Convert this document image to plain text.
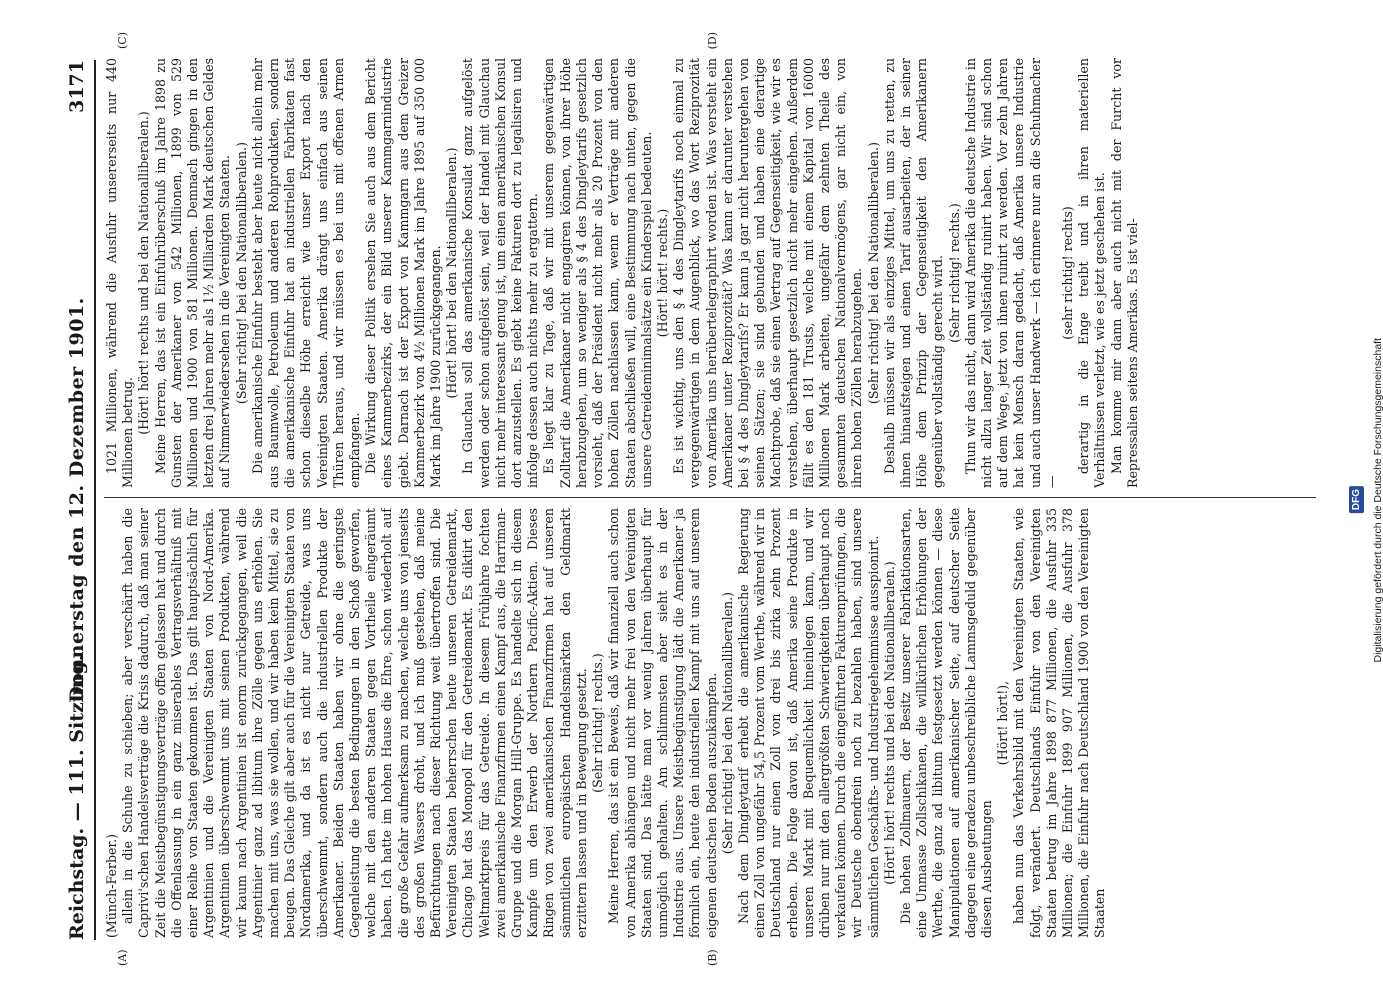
Reichstag. — 111. Sitzung.
Donnerstag den 12. Dezember 1901.
3171
(A)	(B)
(C)	(D)

(Münch-Ferber.) allein in die Schuhe zu schieben; aber verschärft haben die Caprivi'schen Handelsverträge die Krisis dadurch, daß man seiner Zeit die Meistbegünstigungsverträge offen gelassen hat und durch die Offenlassung in ein ganz miserables Vertragsverhältniß mit einer Reihe von Staaten gekommen ist. Das gilt hauptsächlich für Argentinien und die Vereinigten Staaten von Nord-Amerika. Argentinien überschwemmt uns mit seinen Produkten, während wir kaum nach Argentinien ist enorm zurückgegangen, weil die Argentinier ganz ad libitum ihre Zölle gegen uns erhöhen. Sie machen mit uns, was sie wollen, und wir haben kein Mittel, sie zu beugen. Das Gleiche gilt aber auch für die Vereinigten Staaten von Nordamerika, und da ist es nicht nur Getreide, was uns überschwemmt, sondern auch die industriellen Produkte der Amerikaner. Beiden Staaten haben wir ohne die geringste Gegenleistung die besten Bedingungen in den Schoß geworfen, welche mit den anderen Staaten gegen Vortheile eingeräumt haben. Ich hatte im hohen Hause die Ehre, schon wiederholt auf die große Gefahr aufmerksam zu machen, welche uns von jenseits des großen Wassers droht, und ich muß gestehen, daß meine Befürchtungen nach dieser Richtung weit übertroffen sind. Die Vereinigten Staaten beherrschen heute unseren Getreidemarkt, Chicago hat das Monopol für den Getreidemarkt. Es diktirt den Weltmarktpreis für das Getreide. In diesem Frühjahre fochten zwei amerikanische Finanzfirmen einen Kampf aus, die Harriman-Gruppe und die Morgan Hill-Gruppe. Es handelte sich in diesem Kampfe um den Erwerb der Northern Pacific-Aktien. Dieses Ringen von zwei amerikanischen Finanzfirmen hat auf unseren sämmtlichen europäischen Handelsmärkten den Geldmarkt erzittern lassen und in Bewegung gesetzt. (Sehr richtig! rechts.) Meine Herren, das ist ein Beweis, daß wir finanziell auch schon von Amerika abhängen und nicht mehr frei von den Vereinigten Staaten sind. Das hätte man vor wenig Jahren überhaupt für unmöglich gehalten. Am schlimmsten aber sieht es in der Industrie aus. Unsere Meistbegünstigung lädt die Amerikaner ja förmlich ein, heute den industriellen Kampf mit uns auf unserem eigenen deutschen Boden auszukämpfen. (Sehr richtig! bei den Nationalliberalen.) Nach dem Dingleytarif erhebt die amerikanische Regierung einen Zoll von ungefähr 54,5 Prozent vom Werthe, während wir in Deutschland nur einen Zoll von drei bis zirka zehn Prozent erheben. Die Folge davon ist, daß Amerika seine Produkte in unseren Markt mit Bequemlichkeit hineinlegen kann, und wir drüben nur mit den allergrößten Schwierigkeiten überhaupt noch verkaufen können. Durch die eingeführten Fakturenprüfungen, die wir Deutsche obendrein noch zu bezahlen haben, sind unsere sämmtlichen Geschäfts- und Industriegeheimnisse ausspionirt. (Hört! hört! rechts und bei den Nationalliberalen.) Die hohen Zollmauern, der Besitz unserer Fabrikationsarten, eine Unmasse Zollschikanen, die willkürlichen Erhöhungen der Werthe, die ganz ad libitum festgesetzt werden können — diese Manipulationen auf amerikanischer Seite, auf deutscher Seite dagegen eine geradezu unbeschreibliche Lammsgeduld gegenüber diesen Ausbeutungen

(Hört! hört!), haben nun das Verkehrsbild mit den Vereinigten Staaten, wie folgt, verändert. Deutschlands Einfuhr von den Vereinigten Staaten betrug im Jahre 1898 877 Millionen, die Ausfuhr 335 Millionen; die Einfuhr 1899 907 Millionen, die Ausfuhr 378 Millionen, die Einfuhr nach Deutschland 1900 von den Vereinigten Staaten

1021 Millionen, während die Ausfuhr unsererseits nur 440 Millionen betrug. (Hört! hört! rechts und bei den Nationalliberalen.) Meine Herren, das ist ein Einfuhrüberschuß im Jahre 1898 zu Gunsten der Amerikaner von 542 Millionen, 1899 von 529 Millionen und 1900 von 581 Millionen. Demnach gingen in den letzten drei Jahren mehr als 1½ Milliarden Mark deutschen Geldes auf Nimmerwiedersehen in die Vereinigten Staaten. (Sehr richtig! bei den Nationalliberalen.) Die amerikanische Einfuhr besteht aber heute nicht allein mehr aus Baumwolle, Petroleum und anderen Rohprodukten, sondern die amerikanische Einfuhr hat an industriellen Fabrikaten fast schon dieselbe Höhe erreicht wie unser Export nach den Vereinigten Staaten. Amerika drängt uns einfach aus seinen Thüren heraus, und wir müssen es bei uns mit offenen Armen empfangen. Die Wirkung dieser Politik ersehen Sie auch aus dem Bericht eines Kammerbezirks, der ein Bild unserer Kammgarnindustrie giebt. Darnach ist der Export von Kammgarn aus dem Greizer Kammerbezirk von 4½ Millionen Mark im Jahre 1895 auf 350 000 Mark im Jahre 1900 zurückgegangen. (Hört! hört! bei den Nationalliberalen.) In Glauchau soll das amerikanische Konsulat ganz aufgelöst werden oder schon aufgelöst sein, weil der Handel mit Glauchau nicht mehr interessant genug ist, um einen amerikanischen Konsul dort anzustellen. Es giebt keine Fakturen dort zu legalisiren und infolge dessen auch nichts mehr zu ergattern. Es liegt klar zu Tage, daß wir mit unserem gegenwärtigen Zolltarif die Amerikaner nicht engagiren können, von ihrer Höhe herabzugehen, um so weniger als § 4 des Dingleytarifs gesetzlich vorsieht, daß der Präsident nicht mehr als 20 Prozent von den hohen Zöllen nachlassen kann, wenn er Verträge mit anderen Staaten abschließen will, eine Bestimmung nach unten, gegen die unsere Getreideminimalsätze ein Kinderspiel bedeuten. (Hört! hört! rechts.) Es ist wichtig, uns den § 4 des Dingleytarifs noch einmal zu vergegenwärtigen in dem Augenblick, wo das Wort Reziprozität von Amerika uns herübertelegraphirt worden ist. Was versteht ein Amerikaner unter Reziprozität? Was kann er darunter verstehen bei § 4 des Dingleytarifs? Er kann ja gar nicht heruntergehen von seinen Sätzen; sie sind gebunden und haben eine derartige Machtprobe, daß sie einen Vertrag auf Gegenseitigkeit, wie wir es verstehen, überhaupt gesetzlich nicht mehr eingehen. Außerdem fällt es den 181 Trusts, welche mit einem Kapital von 16000 Millionen Mark arbeiten, ungefähr dem zehnten Theile des gesammten deutschen Nationalvermögens, gar nicht ein, von ihren hohen Zöllen herabzugehen. (Sehr richtig! bei den Nationalliberalen.) Deshalb müssen wir als einziges Mittel, um uns zu retten, zu ihnen hinaufsteigen und einen Tarif ausarbeiten, der in seiner Höhe dem Prinzip der Gegenseitigkeit den Amerikanern gegenüber vollständig gerecht wird. (Sehr richtig! rechts.) Thun wir das nicht, dann wird Amerika die deutsche Industrie in nicht allzu langer Zeit vollständig ruinirt haben. Wir sind schon auf dem Wege, jetzt von ihnen ruinirt zu werden. Vor zehn Jahren hat kein Mensch daran gedacht, daß Amerika unsere Industrie und auch unser Handwerk — ich erinnere nur an die Schuhmacher —

(sehr richtig! rechts) derartig in die Enge treibt und in ihren materiellen Verhältnissen verletzt, wie es jetzt geschehen ist. Man komme mir dann aber auch nicht mit der Furcht vor Repressalien seitens Amerikas. Es ist viel-

DFG Digitalisierung gefördert durch die Deutsche Forschungsgemeinschaft
